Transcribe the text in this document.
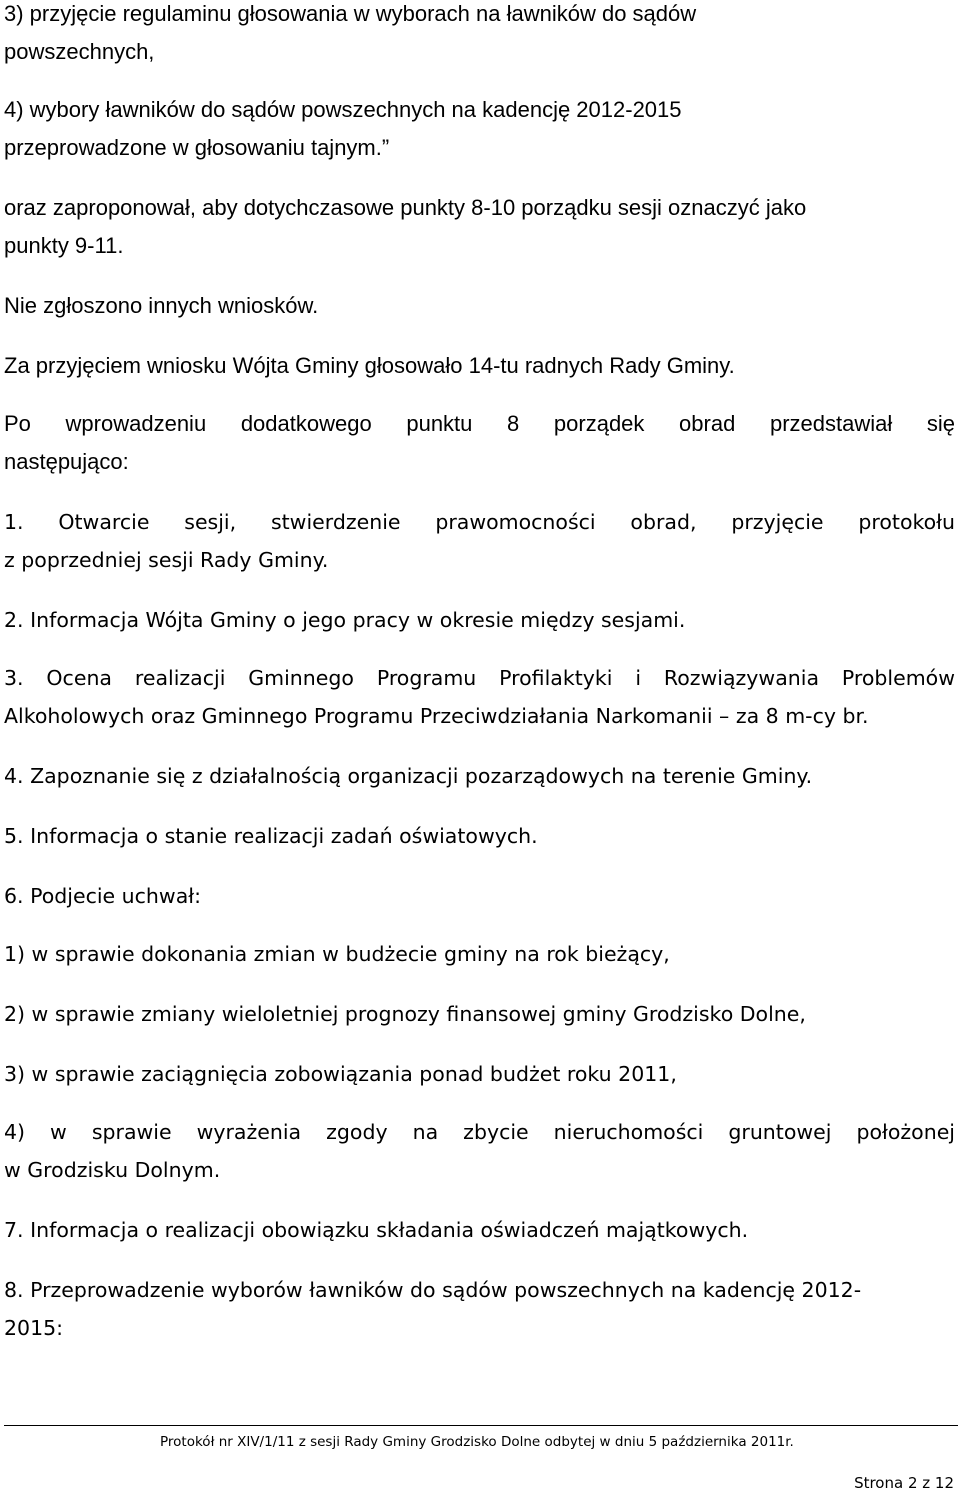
3) przyjęcie regulaminu głosowania w wyborach na ławników do sądów

powszechnych,

4) wybory ławników do sądów powszechnych na kadencję 2012-2015

przeprowadzone w głosowaniu tajnym.”

oraz zaproponował, aby dotychczasowe punkty 8-10 porządku sesji oznaczyć jako

punkty 9-11.

Nie zgłoszono innych wniosków.

Za przyjęciem wniosku Wójta Gminy głosowało 14-tu radnych Rady Gminy.

Po wprowadzeniu dodatkowego punktu 8 porządek obrad przedstawiał się

następująco:

1. Otwarcie sesji, stwierdzenie prawomocności obrad, przyjęcie protokołu

z poprzedniej sesji Rady Gminy.

2. Informacja Wójta Gminy o jego pracy w okresie między sesjami.

3. Ocena realizacji Gminnego Programu Profilaktyki i Rozwiązywania Problemów

Alkoholowych oraz Gminnego Programu Przeciwdziałania Narkomanii – za 8 m-cy br.

4. Zapoznanie się z działalnością organizacji pozarządowych na terenie Gminy.

5. Informacja o stanie realizacji zadań oświatowych.

6. Podjecie uchwał:

1) w sprawie dokonania zmian w budżecie gminy na rok bieżący,

2) w sprawie zmiany wieloletniej prognozy finansowej gminy Grodzisko Dolne,

3) w sprawie zaciągnięcia zobowiązania ponad budżet roku 2011,

4) w sprawie wyrażenia zgody na zbycie nieruchomości gruntowej położonej

w Grodzisku Dolnym.

7. Informacja o realizacji obowiązku składania oświadczeń majątkowych.

8. Przeprowadzenie wyborów ławników do sądów powszechnych na kadencję 2012-

2015:

Protokół nr XIV/1/11 z sesji Rady Gminy Grodzisko Dolne odbytej w dniu 5 października 2011r.
Strona 2 z 12
